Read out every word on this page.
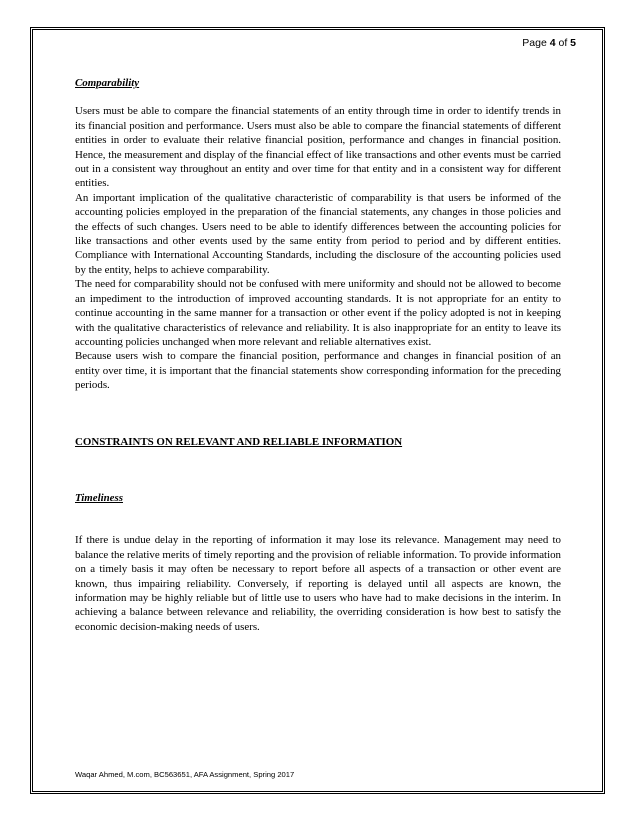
Page 4 of 5

Comparability

Users must be able to compare the financial statements of an entity through time in order to identify trends in its financial position and performance. Users must also be able to compare the financial statements of different entities in order to evaluate their relative financial position, performance and changes in financial position. Hence, the measurement and display of the financial effect of like transactions and other events must be carried out in a consistent way throughout an entity and over time for that entity and in a consistent way for different entities.

An important implication of the qualitative characteristic of comparability is that users be informed of the accounting policies employed in the preparation of the financial statements, any changes in those policies and the effects of such changes. Users need to be able to identify differences between the accounting policies for like transactions and other events used by the same entity from period to period and by different entities. Compliance with International Accounting Standards, including the disclosure of the accounting policies used by the entity, helps to achieve comparability.

The need for comparability should not be confused with mere uniformity and should not be allowed to become an impediment to the introduction of improved accounting standards. It is not appropriate for an entity to continue accounting in the same manner for a transaction or other event if the policy adopted is not in keeping with the qualitative characteristics of relevance and reliability. It is also inappropriate for an entity to leave its accounting policies unchanged when more relevant and reliable alternatives exist.

Because users wish to compare the financial position, performance and changes in financial position of an entity over time, it is important that the financial statements show corresponding information for the preceding periods.

CONSTRAINTS ON RELEVANT AND RELIABLE INFORMATION

Timeliness

If there is undue delay in the reporting of information it may lose its relevance. Management may need to balance the relative merits of timely reporting and the provision of reliable information. To provide information on a timely basis it may often be necessary to report before all aspects of a transaction or other event are known, thus impairing reliability. Conversely, if reporting is delayed until all aspects are known, the information may be highly reliable but of little use to users who have had to make decisions in the interim. In achieving a balance between relevance and reliability, the overriding consideration is how best to satisfy the economic decision-making needs of users.

Waqar Ahmed, M.com, BC563651, AFA Assignment, Spring 2017
